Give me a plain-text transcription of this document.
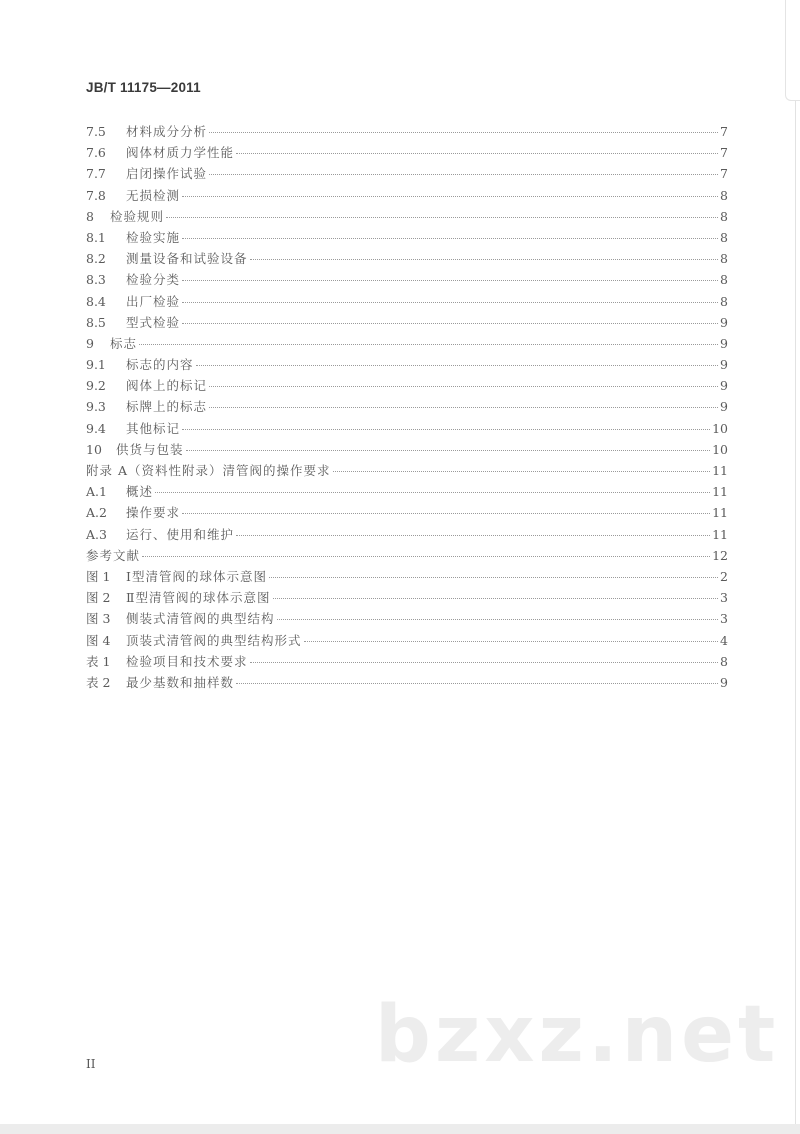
JB/T 11175—2011
7.5	材料成分分析	7
7.6	阀体材质力学性能	7
7.7	启闭操作试验	7
7.8	无损检测	8
8	检验规则	8
8.1	检验实施	8
8.2	测量设备和试验设备	8
8.3	检验分类	8
8.4	出厂检验	8
8.5	型式检验	9
9	标志	9
9.1	标志的内容	9
9.2	阀体上的标记	9
9.3	标牌上的标志	9
9.4	其他标记	10
10	供货与包装	10
附录 A（资料性附录）清管阀的操作要求	11
A.1	概述	11
A.2	操作要求	11
A.3	运行、使用和维护	11
参考文献	12
图 1	Ⅰ型清管阀的球体示意图	2
图 2	Ⅱ型清管阀的球体示意图	3
图 3	侧装式清管阀的典型结构	3
图 4	顶装式清管阀的典型结构形式	4
表 1	检验项目和技术要求	8
表 2	最少基数和抽样数	9
II	bzxz.net
